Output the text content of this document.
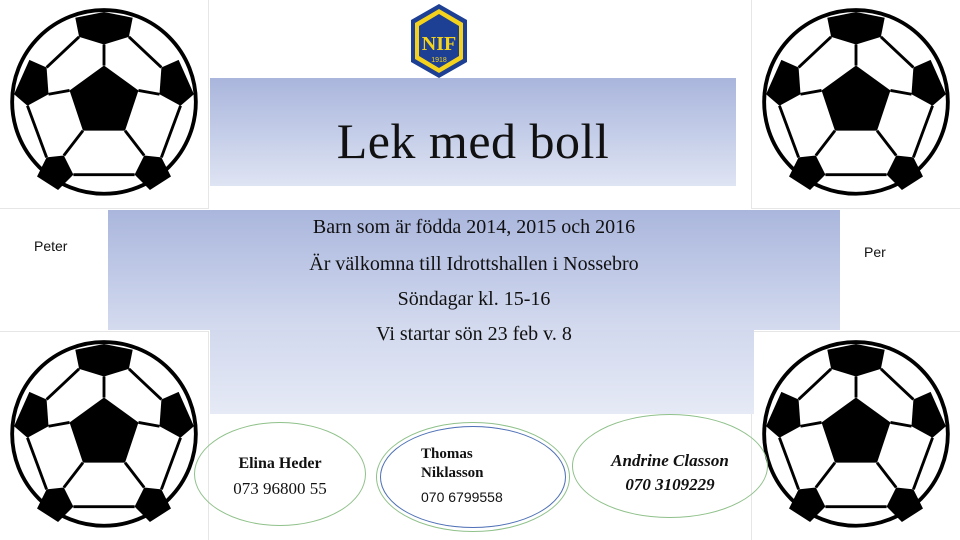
NIF
1918
Lek med boll
Barn som är födda 2014, 2015 och 2016
Är välkomna till Idrottshallen i Nossebro
Söndagar kl. 15-16
Vi startar sön 23 feb v. 8
Peter	Per
Elina Heder
073 96800 55
Thomas
Niklasson
070 6799558
Andrine Classon
070 3109229
